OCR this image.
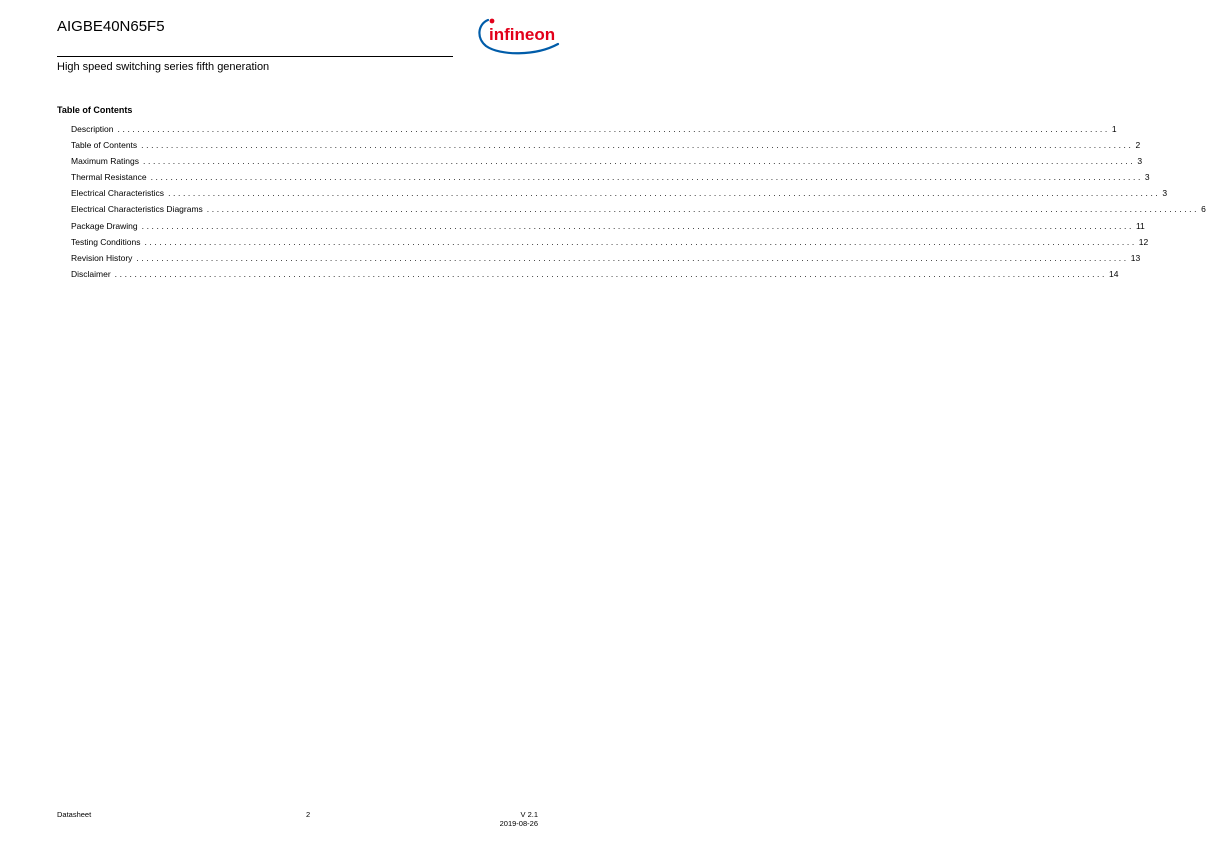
AIGBE40N65F5	infineon
High speed switching series fifth generation
Table of Contents
Description ........................................................................................................................................................................................................ 1
Table of Contents ........................................................................................................................................................................................................ 2
Maximum Ratings ........................................................................................................................................................................................................ 3
Thermal Resistance ........................................................................................................................................................................................................ 3
Electrical Characteristics ........................................................................................................................................................................................................ 3
Electrical Characteristics Diagrams ........................................................................................................................................................................................................ 6
Package Drawing ........................................................................................................................................................................................................ 11
Testing Conditions ........................................................................................................................................................................................................ 12
Revision History ........................................................................................................................................................................................................ 13
Disclaimer ........................................................................................................................................................................................................ 14
Datasheet	2	V 2.1
2019-08-26
